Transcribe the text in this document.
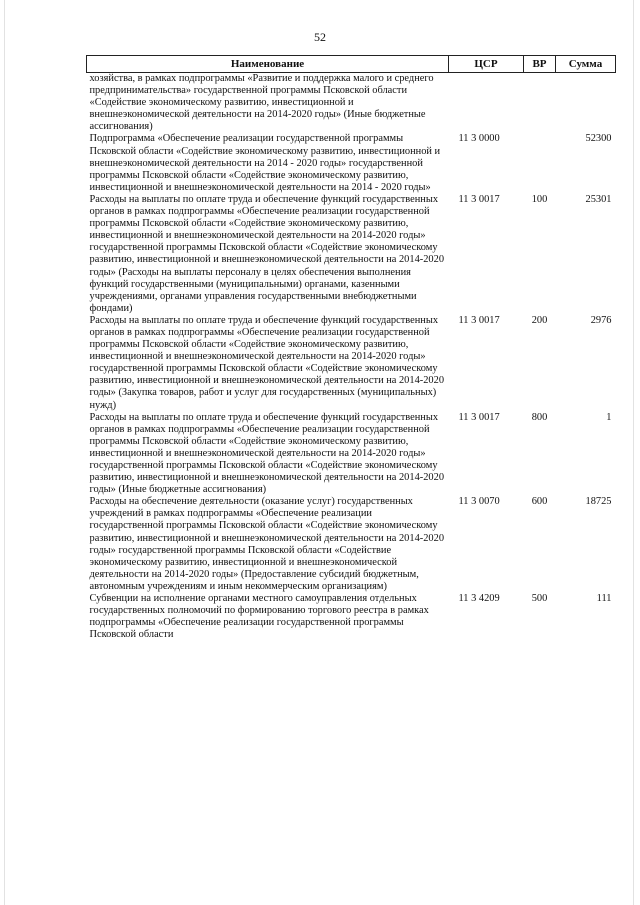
52
Наименование	ЦСР	ВР	Сумма
хозяйства, в рамках подпрограммы «Развитие и поддержка малого и среднего предпринимательства» государственной программы Псковской области «Содействие экономическому развитию, инвестиционной и внешнеэкономической деятельности на 2014-2020 годы» (Иные бюджетные ассигнования)			
Подпрограмма «Обеспечение реализации государственной программы Псковской области «Содействие экономическому развитию, инвестиционной и внешнеэкономической деятельности на 2014 - 2020 годы» государственной программы Псковской области «Содействие экономическому развитию, инвестиционной и внешнеэкономической деятельности на 2014 - 2020 годы»	11 3 0000		52300
Расходы на выплаты по оплате труда и обеспечение функций государственных органов в рамках подпрограммы «Обеспечение реализации государственной программы Псковской области «Содействие экономическому развитию, инвестиционной и внешнеэкономической деятельности на 2014-2020 годы» государственной программы Псковской области «Содействие экономическому развитию, инвестиционной и внешнеэкономической деятельности на 2014-2020 годы» (Расходы на выплаты персоналу в целях обеспечения выполнения функций государственными (муниципальными) органами, казенными учреждениями, органами управления государственными внебюджетными фондами)	11 3 0017	100	25301
Расходы на выплаты по оплате труда и обеспечение функций государственных органов в рамках подпрограммы «Обеспечение реализации государственной программы Псковской области «Содействие экономическому развитию, инвестиционной и внешнеэкономической деятельности на 2014-2020 годы» государственной программы Псковской области «Содействие экономическому развитию, инвестиционной и внешнеэкономической деятельности на 2014-2020 годы» (Закупка товаров, работ и услуг для государственных (муниципальных) нужд)	11 3 0017	200	2976
Расходы на выплаты по оплате труда и обеспечение функций государственных органов в рамках подпрограммы «Обеспечение реализации государственной программы Псковской области «Содействие экономическому развитию, инвестиционной и внешнеэкономической деятельности на 2014-2020 годы» государственной программы Псковской области «Содействие экономическому развитию, инвестиционной и внешнеэкономической деятельности на 2014-2020 годы» (Иные бюджетные ассигнования)	11 3 0017	800	1
Расходы на обеспечение деятельности (оказание услуг) государственных учреждений в рамках подпрограммы «Обеспечение реализации государственной программы Псковской области «Содействие экономическому развитию, инвестиционной и внешнеэкономической деятельности на 2014-2020 годы» государственной программы Псковской области «Содействие экономическому развитию, инвестиционной и внешнеэкономической деятельности на 2014-2020 годы» (Предоставление субсидий бюджетным, автономным учреждениям и иным некоммерческим организациям)	11 3 0070	600	18725
Субвенции на исполнение органами местного самоуправления отдельных государственных полномочий по формированию торгового реестра в рамках подпрограммы «Обеспечение реализации государственной программы Псковской области	11 3 4209	500	111
